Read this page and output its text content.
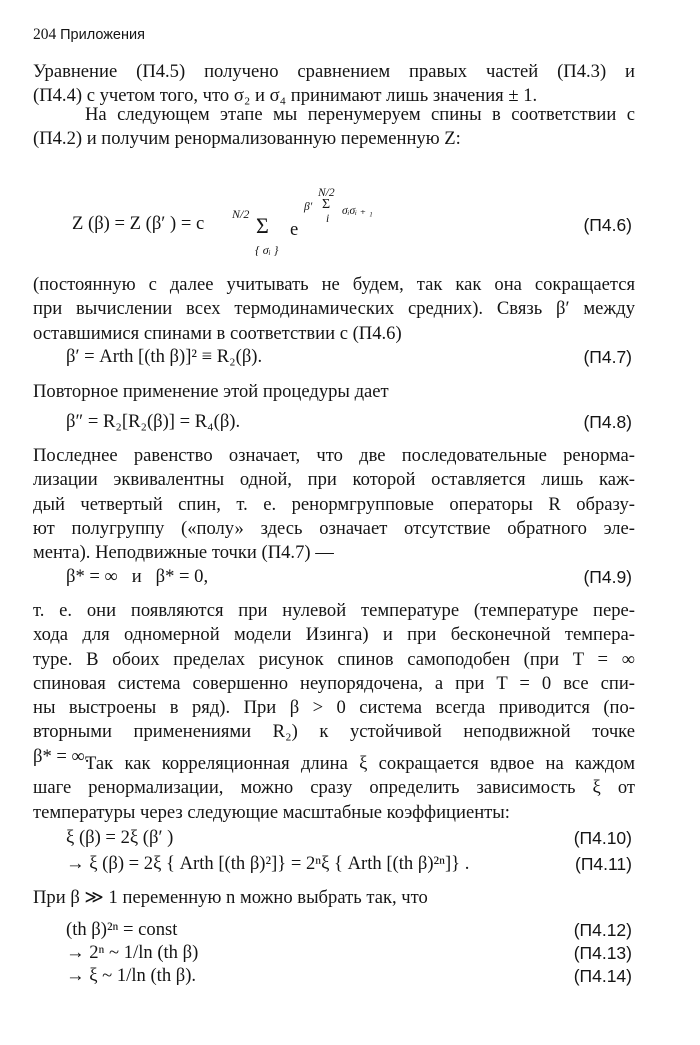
204 Приложения
Уравнение (П4.5) получено сравнением правых частей (П4.3) и
(П4.4) с учетом того, что σ₂ и σ₄ принимают лишь значения ± 1.
На следующем этапе мы перенумеруем спины в соответствии с
(П4.2) и получим ренормализованную переменную Z:
Z (β) = Z (β′ ) = c N/2 Σ
{ σᵢ }
e
N/2
β′ Σ
i
σᵢσᵢ ₊ ₁
(П4.6)
(постоянную c далее учитывать не будем, так как она сокращается
при вычислении всех термодинамических средних). Связь β′ между
оставшимися спинами в соответствии с (П4.6)
β′ = Arth [(th β)]² ≡ R₂(β).	(П4.7)
Повторное применение этой процедуры дает
β″ = R₂[R₂(β)] = R₄(β).	(П4.8)
Последнее равенство означает, что две последовательные ренорма-
лизации эквивалентны одной, при которой оставляется лишь каж-
дый четвертый спин, т. е. ренормгрупповые операторы R образу-
ют полугруппу («полу» здесь означает отсутствие обратного эле-
мента). Неподвижные точки (П4.7) —
β* = ∞   и   β* = 0,	(П4.9)
т. е. они появляются при нулевой температуре (температуре пере-
хода для одномерной модели Изинга) и при бесконечной темпера-
туре. В обоих пределах рисунок спинов самоподобен (при T = ∞
спиновая система совершенно неупорядочена, а при T = 0 все спи-
ны выстроены в ряд). При β > 0 система всегда приводится (по-
вторными применениями R₂) к устойчивой неподвижной точке
β* = ∞.
Так как корреляционная длина ξ сокращается вдвое на каждом
шаге ренормализации, можно сразу определить зависимость ξ от
температуры через следующие масштабные коэффициенты:
ξ (β) = 2ξ (β′ )	(П4.10)
→ ξ (β) = 2ξ { Arth [(th β)²]} = 2ⁿξ { Arth [(th β)²ⁿ]} .	(П4.11)
При β ≫ 1 переменную n можно выбрать так, что
(th β)²ⁿ = const	(П4.12)
→ 2ⁿ ~ 1/ln (th β)	(П4.13)
→ ξ ~ 1/ln (th β).	(П4.14)
